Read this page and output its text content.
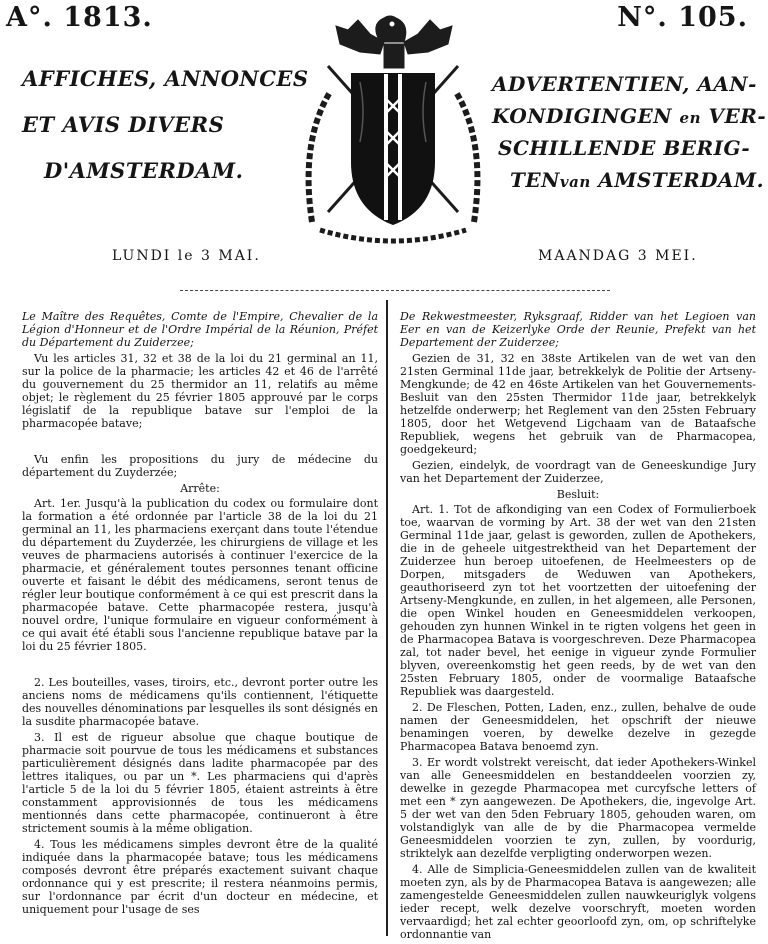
A°. 1813.	N°. 105.
AFFICHES, ANNONCES
ET AVIS DIVERS
D'AMSTERDAM.
ADVERTENTIEN, AAN-
KONDIGINGEN en VER-
SCHILLENDE BERIG-
TENvan AMSTERDAM.
LUNDI le 3 MAI.	MAANDAG 3 MEI.

Le Maître des Requêtes, Comte de l'Empire, Chevalier de la Légion d'Honneur et de l'Ordre Impérial de la Réunion, Préfet du Département du Zuiderzee;

Vu les articles 31, 32 et 38 de la loi du 21 germinal an 11, sur la police de la pharmacie; les articles 42 et 46 de l'arrêté du gouvernement du 25 thermidor an 11, relatifs au même objet; le règlement du 25 février 1805 approuvé par le corps législatif de la republique batave sur l'emploi de la pharmacopée batave;

Vu enfin les propositions du jury de médecine du département du Zuyderzée;

Arrête:

Art. 1er. Jusqu'à la publication du codex ou formulaire dont la formation a été ordonnée par l'article 38 de la loi du 21 germinal an 11, les pharmaciens exerçant dans toute l'étendue du département du Zuyderzée, les chirurgiens de village et les veuves de pharmaciens autorisés à continuer l'exercice de la pharmacie, et généralement toutes personnes tenant officine ouverte et faisant le débit des médicamens, seront tenus de régler leur boutique conformément à ce qui est prescrit dans la pharmacopée batave. Cette pharmacopée restera, jusqu'à nouvel ordre, l'unique formulaire en vigueur conformément à ce qui avait été établi sous l'ancienne republique batave par la loi du 25 février 1805.

2. Les bouteilles, vases, tiroirs, etc., devront porter outre les anciens noms de médicamens qu'ils contiennent, l'étiquette des nouvelles dénominations par lesquelles ils sont désignés en la susdite pharmacopée batave.

3. Il est de rigueur absolue que chaque boutique de pharmacie soit pourvue de tous les médicamens et substances particulièrement désignés dans ladite pharmacopée par des lettres italiques, ou par un *. Les pharmaciens qui d'après l'article 5 de la loi du 5 février 1805, étaient astreints à être constamment approvisionnés de tous les médicamens mentionnés dans cette pharmacopée, continueront à être strictement soumis à la même obligation.

4. Tous les médicamens simples devront être de la qualité indiquée dans la pharmacopée batave; tous les médicamens composés devront être préparés exactement suivant chaque ordonnance qui y est prescrite; il restera néanmoins permis, sur l'ordonnance par écrit d'un docteur en médecine, et uniquement pour l'usage de ses

De Rekwestmeester, Ryksgraaf, Ridder van het Legioen van Eer en van de Keizerlyke Orde der Reunie, Prefekt van het Departement der Zuiderzee;

Gezien de 31, 32 en 38ste Artikelen van de wet van den 21sten Germinal 11de jaar, betrekkelyk de Politie der Artseny-Mengkunde; de 42 en 46ste Artikelen van het Gouvernements-Besluit van den 25sten Thermidor 11de jaar, betrekkelyk hetzelfde onderwerp; het Reglement van den 25sten February 1805, door het Wetgevend Ligchaam van de Bataafsche Republiek, wegens het gebruik van de Pharmacopea, goedgekeurd;

Gezien, eindelyk, de voordragt van de Geneeskundige Jury van het Departement der Zuiderzee,

Besluit:

Art. 1. Tot de afkondiging van een Codex of Formulierboek toe, waarvan de vorming by Art. 38 der wet van den 21sten Germinal 11de jaar, gelast is geworden, zullen de Apothekers, die in de geheele uitgestrektheid van het Departement der Zuiderzee hun beroep uitoefenen, de Heelmeesters op de Dorpen, mitsgaders de Weduwen van Apothekers, geauthoriseerd zyn tot het voortzetten der uitoefening der Artseny-Mengkunde, en zullen, in het algemeen, alle Personen, die open Winkel houden en Geneesmiddelen verkoopen, gehouden zyn hunnen Winkel in te rigten volgens het geen in de Pharmacopea Batava is voorgeschreven. Deze Pharmacopea zal, tot nader bevel, het eenige in vigueur zynde Formulier blyven, overeenkomstig het geen reeds, by de wet van den 25sten February 1805, onder de voormalige Bataafsche Republiek was daargesteld.

2. De Fleschen, Potten, Laden, enz., zullen, behalve de oude namen der Geneesmiddelen, het opschrift der nieuwe benamingen voeren, by dewelke dezelve in gezegde Pharmacopea Batava benoemd zyn.

3. Er wordt volstrekt vereischt, dat ieder Apothekers-Winkel van alle Geneesmiddelen en bestanddeelen voorzien zy, dewelke in gezegde Pharmacopea met curcyfsche letters of met een * zyn aangewezen. De Apothekers, die, ingevolge Art. 5 der wet van den 5den February 1805, gehouden waren, om volstandiglyk van alle de by die Pharmacopea vermelde Geneesmiddelen voorzien te zyn, zullen, by voordurig, striktelyk aan dezelfde verpligting onderworpen wezen.

4. Alle de Simplicia-Geneesmiddelen zullen van de kwaliteit moeten zyn, als by de Pharmacopea Batava is aangewezen; alle zamengestelde Geneesmiddelen zullen nauwkeuriglyk volgens ieder recept, welk dezelve voorschryft, moeten worden vervaardigd; het zal echter geoorloofd zyn, om, op schriftelyke ordonnantie van
